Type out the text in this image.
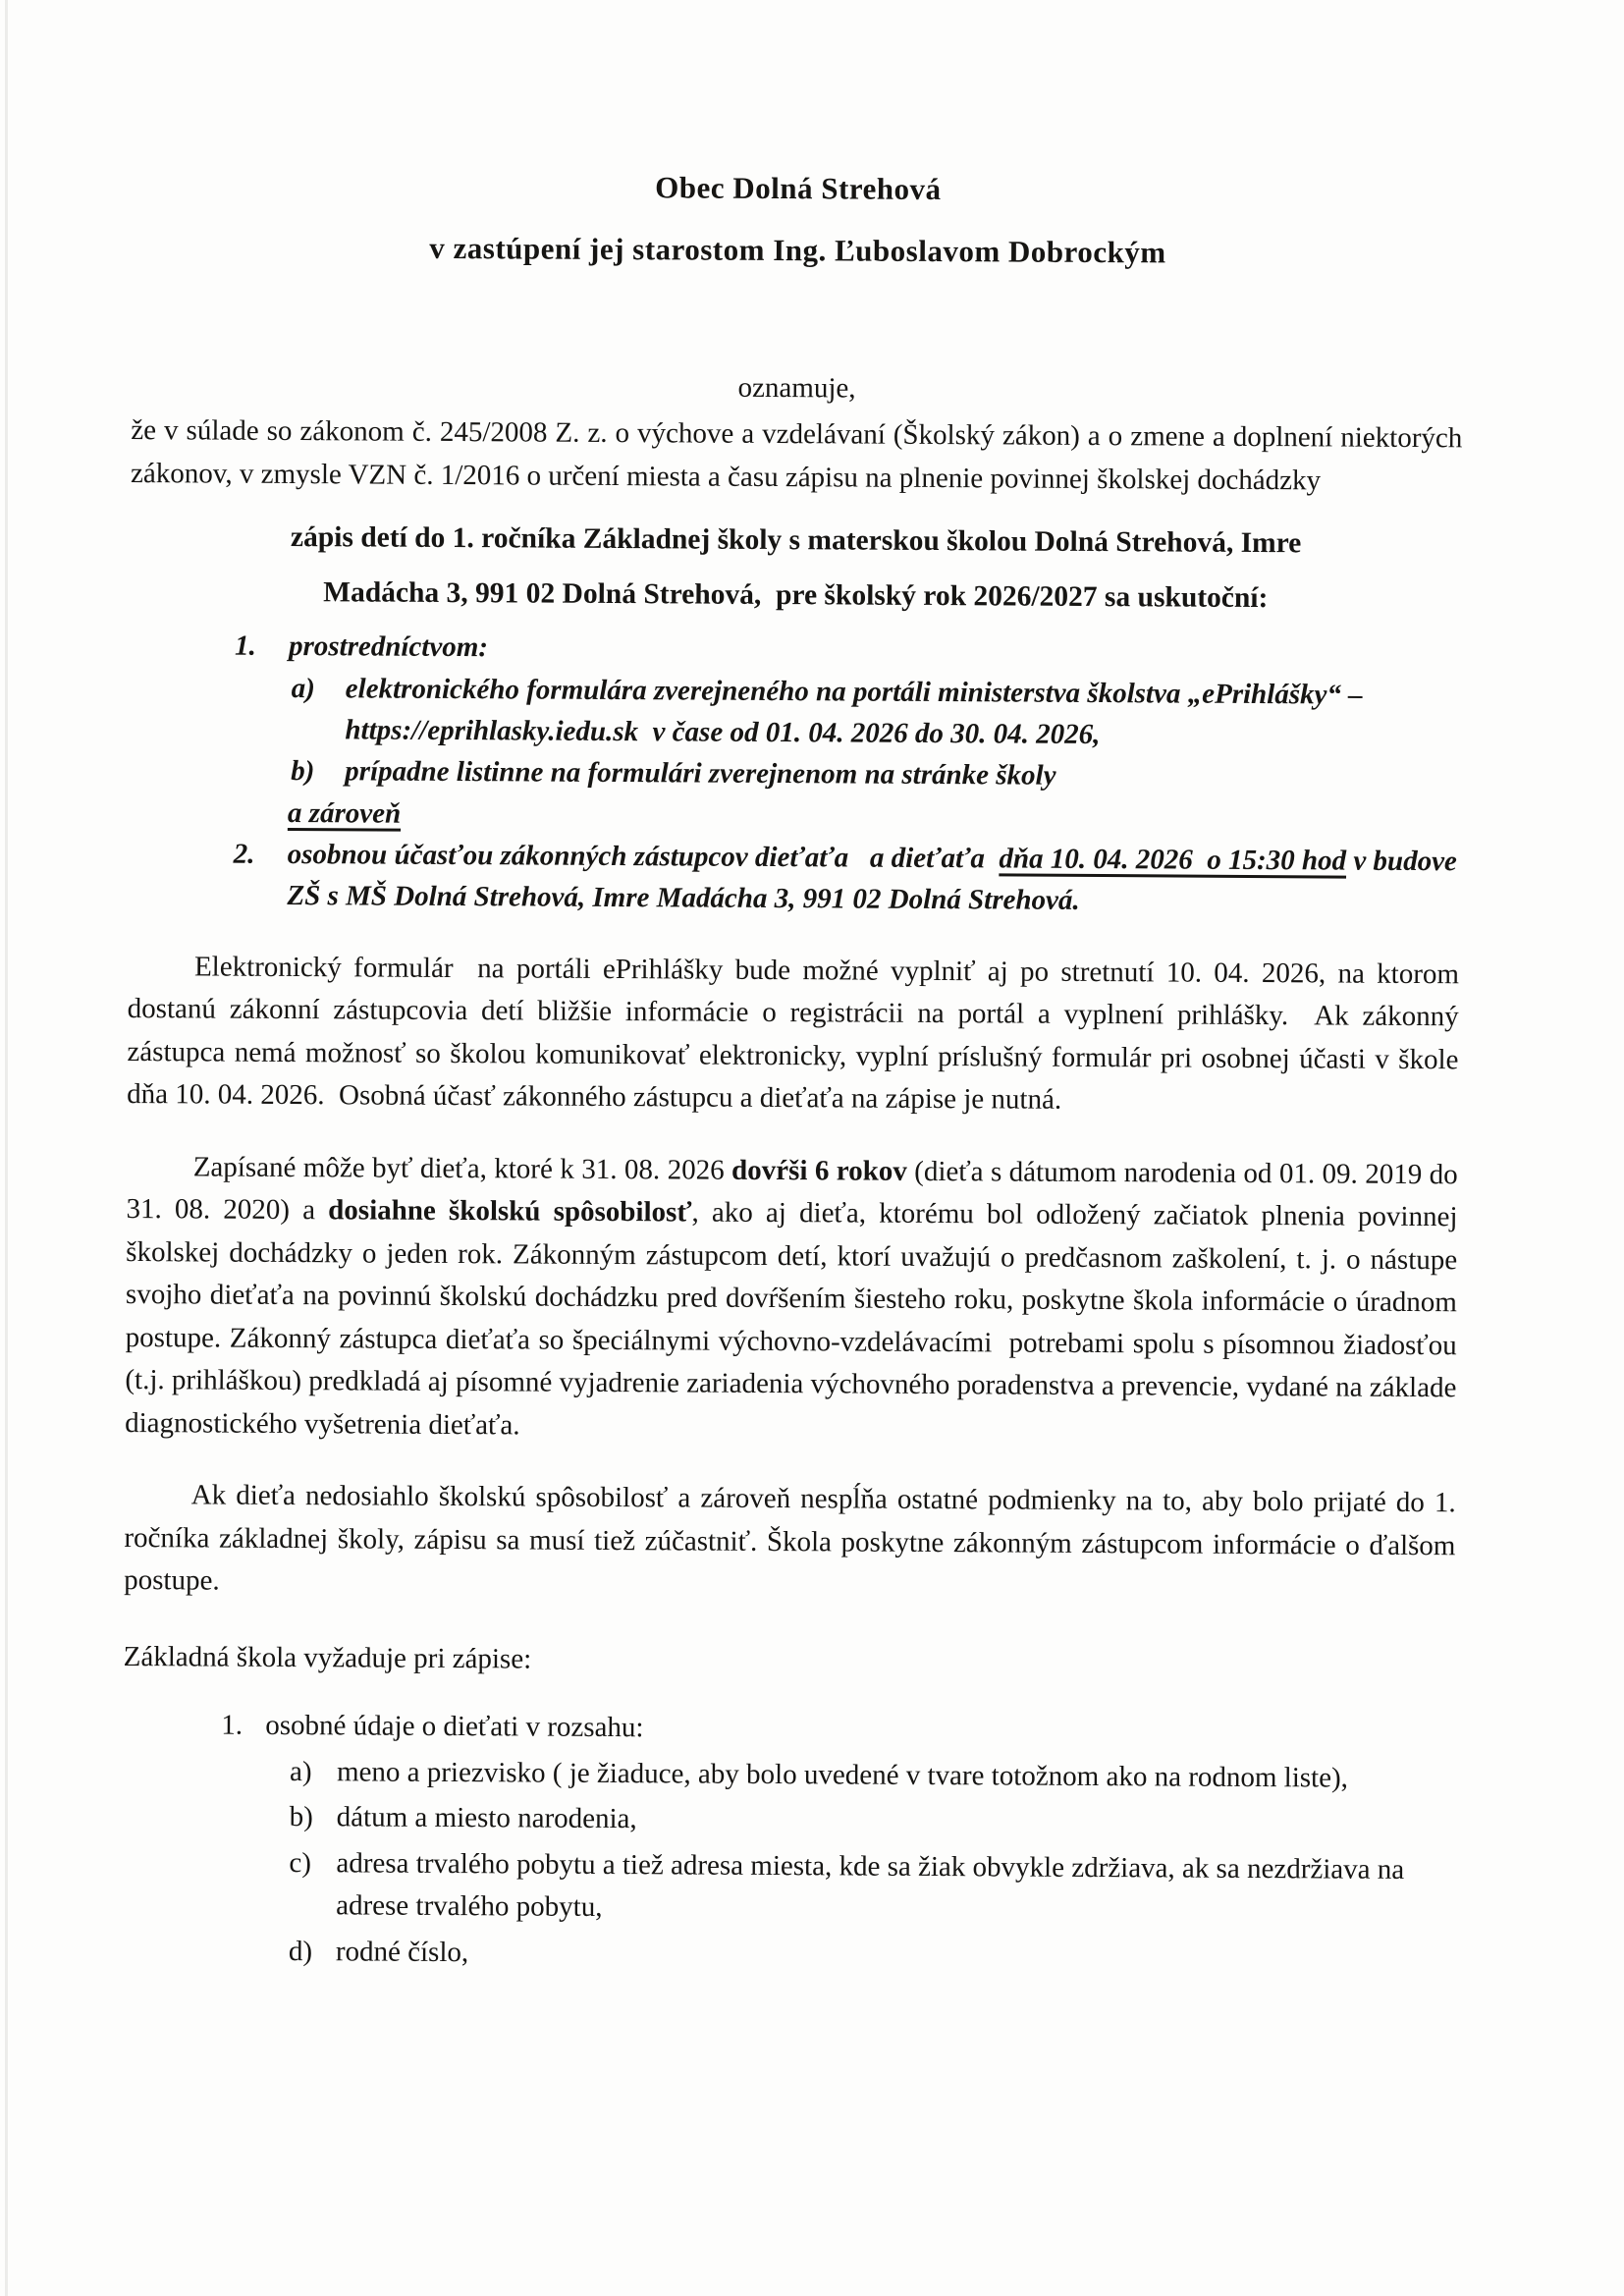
Obec Dolná Strehová
v zastúpení jej starostom Ing. Ľuboslavom Dobrockým
oznamuje,

že v súlade so zákonom č. 245/2008 Z. z. o výchove a vzdelávaní (Školský zákon) a o zmene a doplnení niektorých zákonov, v zmysle VZN č. 1/2016 o určení miesta a času zápisu na plnenie povinnej školskej dochádzky

zápis detí do 1. ročníka Základnej školy s materskou školou Dolná Strehová, Imre
Madácha 3, 991 02 Dolná Strehová,  pre školský rok 2026/2027 sa uskutoční:
1.	prostredníctvom:
a)	elektronického formulára zverejneného na portáli ministerstva školstva „ePrihlášky“ – https://eprihlasky.iedu.sk  v čase od 01. 04. 2026 do 30. 04. 2026,
b)	prípadne listinne na formulári zverejnenom na stránke školy
a zároveň
2.	osobnou účasťou zákonných zástupcov dieťaťa   a dieťaťa  dňa 10. 04. 2026  o 15:30 hod v budove ZŠ s MŠ Dolná Strehová, Imre Madácha 3, 991 02 Dolná Strehová.

Elektronický formulár  na portáli ePrihlášky bude možné vyplniť aj po stretnutí 10. 04. 2026, na ktorom dostanú zákonní zástupcovia detí bližšie informácie o registrácii na portál a vyplnení prihlášky.  Ak zákonný zástupca nemá možnosť so školou komunikovať elektronicky, vyplní príslušný formulár pri osobnej účasti v škole dňa 10. 04. 2026.  Osobná účasť zákonného zástupcu a dieťaťa na zápise je nutná.

Zapísané môže byť dieťa, ktoré k 31. 08. 2026 dovŕši 6 rokov (dieťa s dátumom narodenia od 01. 09. 2019 do 31. 08. 2020) a dosiahne školskú spôsobilosť, ako aj dieťa, ktorému bol odložený začiatok plnenia povinnej školskej dochádzky o jeden rok. Zákonným zástupcom detí, ktorí uvažujú o predčasnom zaškolení, t. j. o nástupe svojho dieťaťa na povinnú školskú dochádzku pred dovŕšením šiesteho roku, poskytne škola informácie o úradnom postupe. Zákonný zástupca dieťaťa so špeciálnymi výchovno-vzdelávacími  potrebami spolu s písomnou žiadosťou (t.j. prihláškou) predkladá aj písomné vyjadrenie zariadenia výchovného poradenstva a prevencie, vydané na základe diagnostického vyšetrenia dieťaťa.

Ak dieťa nedosiahlo školskú spôsobilosť a zároveň nespĺňa ostatné podmienky na to, aby bolo prijaté do 1. ročníka základnej školy, zápisu sa musí tiež zúčastniť. Škola poskytne zákonným zástupcom informácie o ďalšom postupe.

Základná škola vyžaduje pri zápise:

1. osobné údaje o dieťati v rozsahu:
a) meno a priezvisko ( je žiaduce, aby bolo uvedené v tvare totožnom ako na rodnom liste),
b) dátum a miesto narodenia,
c) adresa trvalého pobytu a tiež adresa miesta, kde sa žiak obvykle zdržiava, ak sa nezdržiava na adrese trvalého pobytu,
d) rodné číslo,
